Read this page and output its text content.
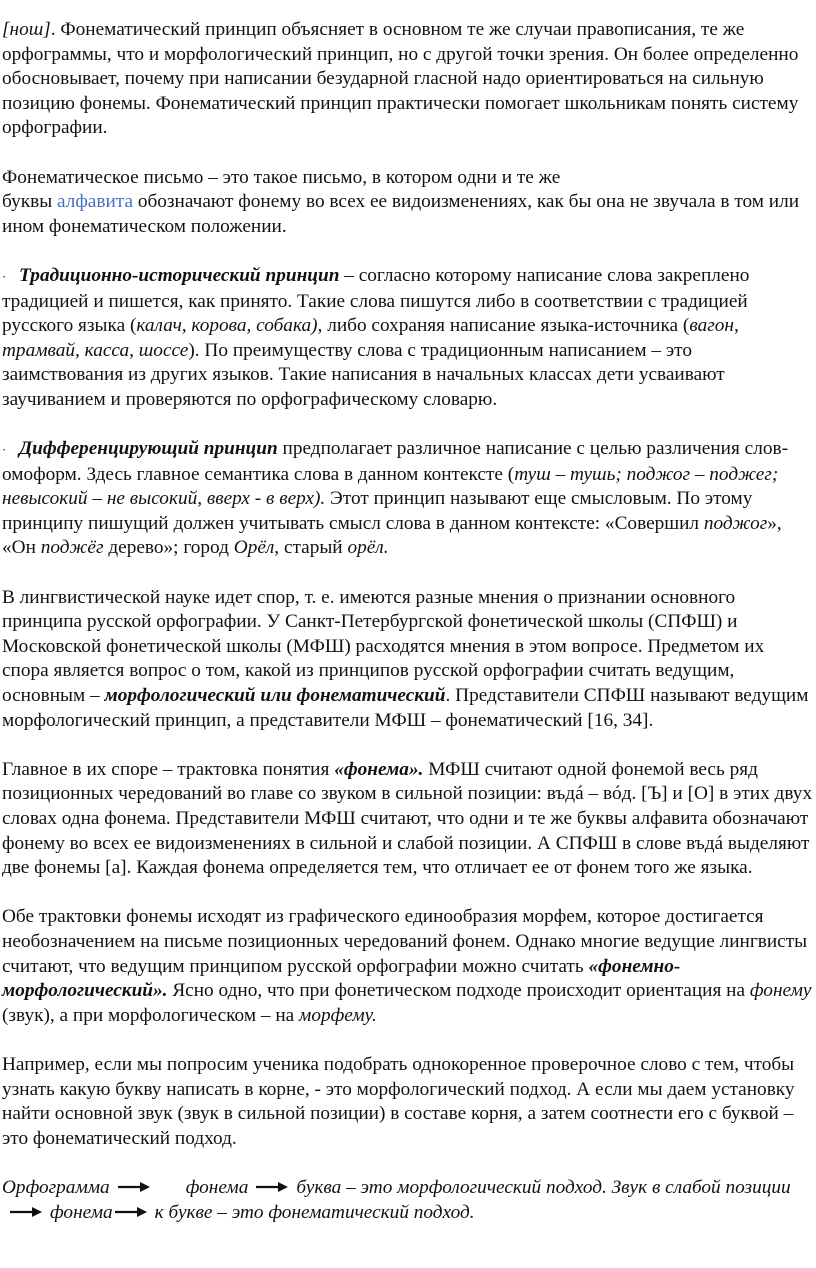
[нош]. Фонематический принцип объясняет в основном те же случаи правописания, те же орфограммы, что и морфологический принцип, но с другой точки зрения. Он более определенно обосновывает, почему при написании безударной гласной надо ориентироваться на сильную позицию фонемы. Фонематический принцип практически помогает школьникам понять систему орфографии.

Фонематическое письмо – это такое письмо, в котором одни и те же
буквы алфавита обозначают фонему во всех ее видоизменениях, как бы она не звучала в том или ином фонематическом положении.

· Традиционно-исторический принцип – согласно которому написание слова закреплено традицией и пишется, как принято. Такие слова пишутся либо в соответствии с традицией русского языка (калач, корова, собака), либо сохраняя написание языка-источника (вагон, трамвай, касса, шоссе). По преимуществу слова с традиционным написанием – это заимствования из других языков. Такие написания в начальных классах дети усваивают заучиванием и проверяются по орфографическому словарю.

· Дифференцирующий принцип предполагает различное написание с целью различения слов-омоформ. Здесь главное семантика слова в данном контексте (туш – тушь; поджог – поджег; невысокий – не высокий, вверх - в верх). Этот принцип называют еще смысловым. По этому принципу пишущий должен учитывать смысл слова в данном контексте: «Совершил поджог», «Он поджёг дерево»; город Орёл, старый орёл.

В лингвистической науке идет спор, т. е. имеются разные мнения о признании основного принципа русской орфографии. У Санкт-Петербургской фонетической школы (СПФШ) и Московской фонетической школы (МФШ) расходятся мнения в этом вопросе. Предметом их спора является вопрос о том, какой из принципов русской орфографии считать ведущим, основным – морфологический или фонематический. Представители СПФШ называют ведущим морфологический принцип, а представители МФШ – фонематический [16, 34].

Главное в их споре – трактовка понятия «фонема». МФШ считают одной фонемой весь ряд позиционных чередований во главе со звуком в сильной позиции: въдá – вóд. [Ъ] и [О] в этих двух словах одна фонема. Представители МФШ считают, что одни и те же буквы алфавита обозначают фонему во всех ее видоизменениях в сильной и слабой позиции. А СПФШ в слове въдá выделяют две фонемы [а]. Каждая фонема определяется тем, что отличает ее от фонем того же языка.

Обе трактовки фонемы исходят из графического единообразия морфем, которое достигается необозначением на письме позиционных чередований фонем. Однако многие ведущие лингвисты считают, что ведущим принципом русской орфографии можно считать «фонемно-морфологический». Ясно одно, что при фонетическом подходе происходит ориентация на фонему (звук), а при морфологическом – на морфему.

Например, если мы попросим ученика подобрать однокоренное проверочное слово с тем, чтобы узнать какую букву написать в корне, - это морфологический подход. А если мы даем установку найти основной звук (звук в сильной позиции) в составе корня, а затем соотнести его с буквой – это фонематический подход.

Орфограмма	фонема буква – это морфологический подход. Звук в слабой позициифонема к букве – это фонематический подход.
